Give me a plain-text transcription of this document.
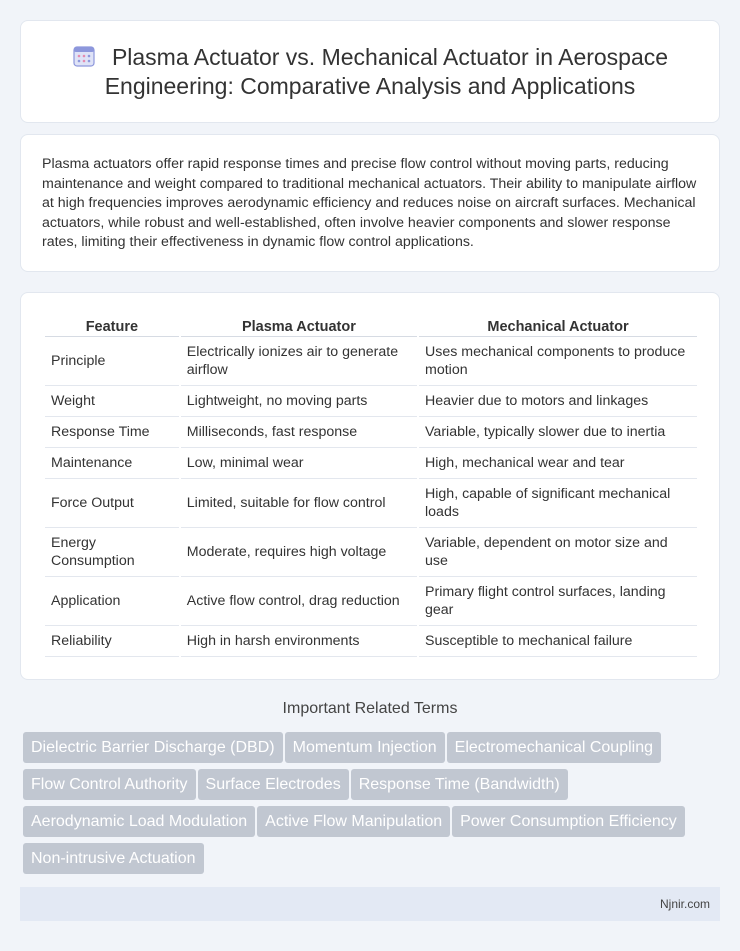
Plasma Actuator vs. Mechanical Actuator in Aerospace Engineering: Comparative Analysis and Applications

Plasma actuators offer rapid response times and precise flow control without moving parts, reducing maintenance and weight compared to traditional mechanical actuators. Their ability to manipulate airflow at high frequencies improves aerodynamic efficiency and reduces noise on aircraft surfaces. Mechanical actuators, while robust and well-established, often involve heavier components and slower response rates, limiting their effectiveness in dynamic flow control applications.

Feature	Plasma Actuator	Mechanical Actuator
Principle	Electrically ionizes air to generate airflow	Uses mechanical components to produce motion
Weight	Lightweight, no moving parts	Heavier due to motors and linkages
Response Time	Milliseconds, fast response	Variable, typically slower due to inertia
Maintenance	Low, minimal wear	High, mechanical wear and tear
Force Output	Limited, suitable for flow control	High, capable of significant mechanical loads
Energy Consumption	Moderate, requires high voltage	Variable, dependent on motor size and use
Application	Active flow control, drag reduction	Primary flight control surfaces, landing gear
Reliability	High in harsh environments	Susceptible to mechanical failure
Important Related Terms
Dielectric Barrier Discharge (DBD) Momentum Injection Electromechanical Coupling
Flow Control Authority Surface Electrodes Response Time (Bandwidth)
Aerodynamic Load Modulation Active Flow Manipulation Power Consumption Efficiency
Non-intrusive Actuation
Njnir.com
